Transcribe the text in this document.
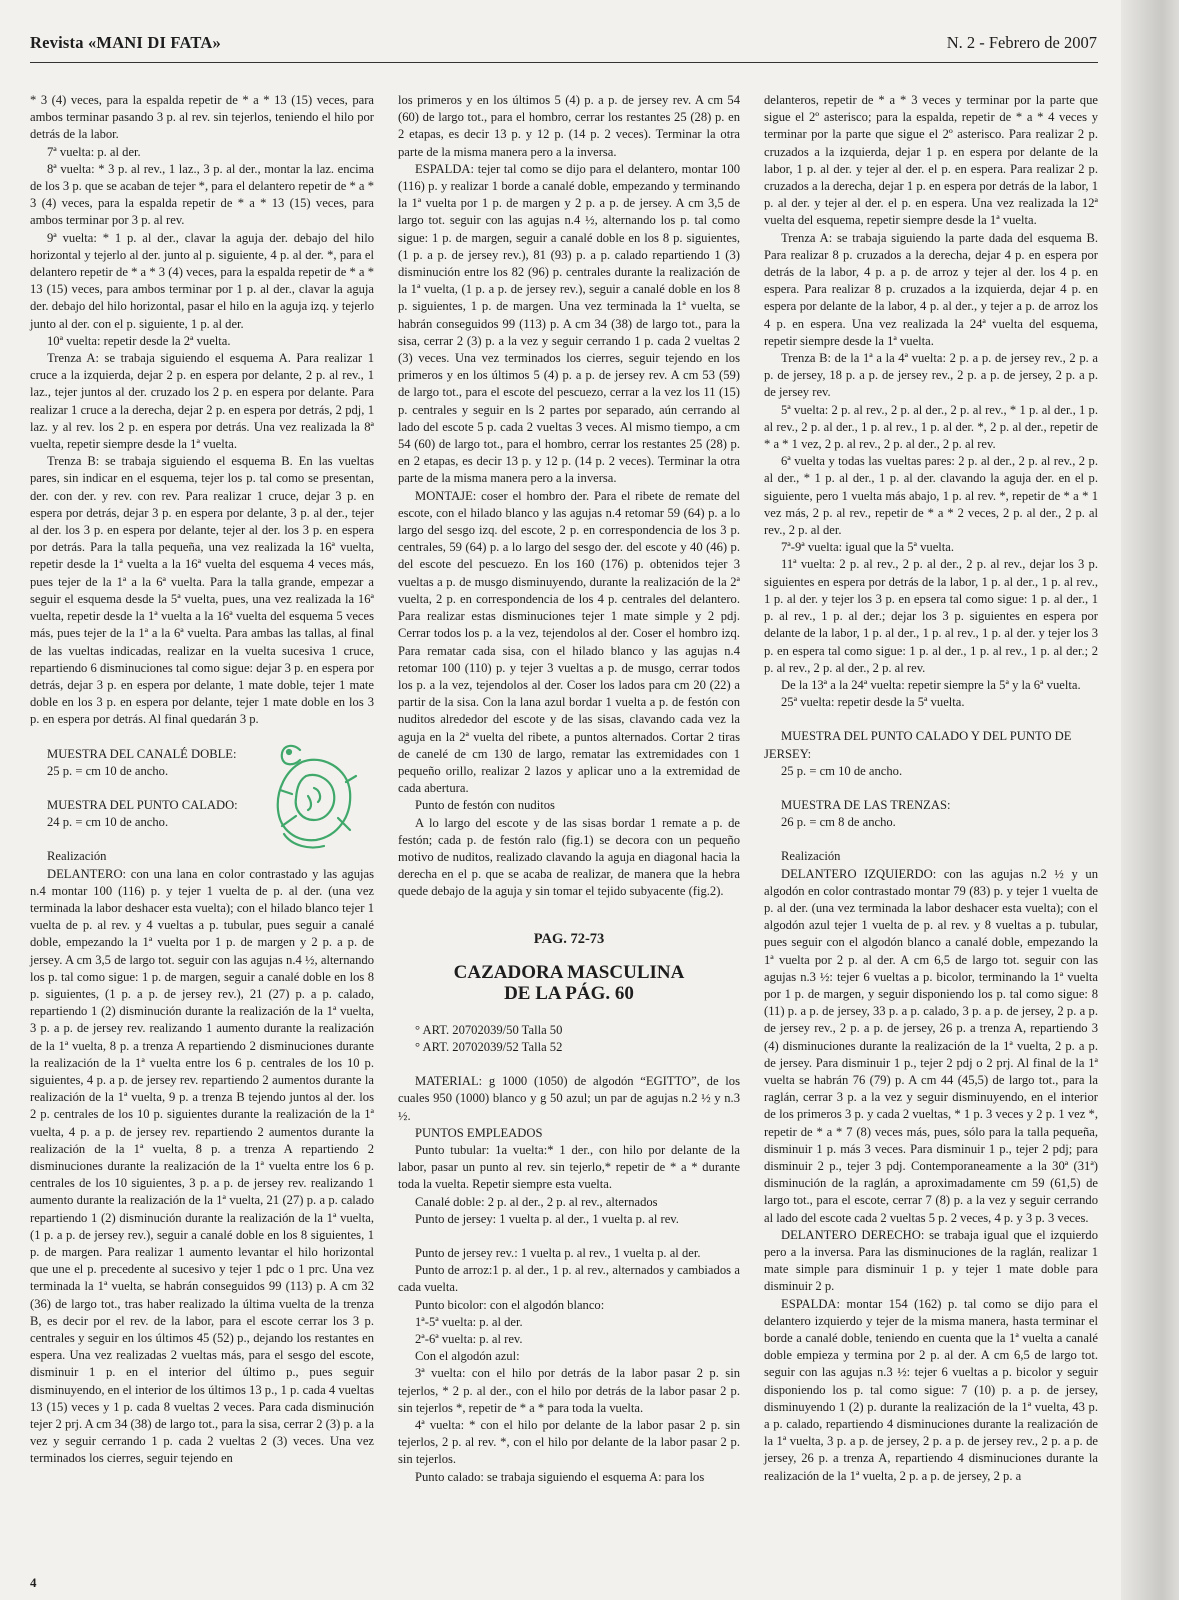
Revista «MANI DI FATA»	N. 2 - Febrero de 2007

* 3 (4) veces, para la espalda repetir de * a * 13 (15) veces, para ambos terminar pasando 3 p. al rev. sin tejerlos, teniendo el hilo por detrás de la labor.

7ª vuelta: p. al der.

8ª vuelta: * 3 p. al rev., 1 laz., 3 p. al der., montar la laz. encima de los 3 p. que se acaban de tejer *, para el delantero repetir de * a * 3 (4) veces, para la espalda repetir de * a * 13 (15) veces, para ambos terminar por 3 p. al rev.

9ª vuelta: * 1 p. al der., clavar la aguja der. debajo del hilo horizontal y tejerlo al der. junto al p. siguiente, 4 p. al der. *, para el delantero repetir de * a * 3 (4) veces, para la espalda repetir de * a * 13 (15) veces, para ambos terminar por 1 p. al der., clavar la aguja der. debajo del hilo horizontal, pasar el hilo en la aguja izq. y tejerlo junto al der. con el p. siguiente, 1 p. al der.

10ª vuelta: repetir desde la 2ª vuelta.

Trenza A: se trabaja siguiendo el esquema A. Para realizar 1 cruce a la izquierda, dejar 2 p. en espera por delante, 2 p. al rev., 1 laz., tejer juntos al der. cruzado los 2 p. en espera por delante. Para realizar 1 cruce a la derecha, dejar 2 p. en espera por detrás, 2 pdj, 1 laz. y al rev. los 2 p. en espera por detrás. Una vez realizada la 8ª vuelta, repetir siempre desde la 1ª vuelta.

Trenza B: se trabaja siguiendo el esquema B. En las vueltas pares, sin indicar en el esquema, tejer los p. tal como se presentan, der. con der. y rev. con rev. Para realizar 1 cruce, dejar 3 p. en espera por detrás, dejar 3 p. en espera por delante, 3 p. al der., tejer al der. los 3 p. en espera por delante, tejer al der. los 3 p. en espera por detrás. Para la talla pequeña, una vez realizada la 16ª vuelta, repetir desde la 1ª vuelta a la 16ª vuelta del esquema 4 veces más, pues tejer de la 1ª a la 6ª vuelta. Para la talla grande, empezar a seguir el esquema desde la 5ª vuelta, pues, una vez realizada la 16ª vuelta, repetir desde la 1ª vuelta a la 16ª vuelta del esquema 5 veces más, pues tejer de la 1ª a la 6ª vuelta. Para ambas las tallas, al final de las vueltas indicadas, realizar en la vuelta sucesiva 1 cruce, repartiendo 6 disminuciones tal como sigue: dejar 3 p. en espera por detrás, dejar 3 p. en espera por delante, 1 mate doble, tejer 1 mate doble en los 3 p. en espera por delante, tejer 1 mate doble en los 3 p. en espera por detrás. Al final quedarán 3 p.

MUESTRA DEL CANALÉ DOBLE:

25 p. = cm 10 de ancho.

MUESTRA DEL PUNTO CALADO:

24 p. = cm 10 de ancho.

Realización

DELANTERO: con una lana en color contrastado y las agujas n.4 montar 100 (116) p. y tejer 1 vuelta de p. al der. (una vez terminada la labor deshacer esta vuelta); con el hilado blanco tejer 1 vuelta de p. al rev. y 4 vueltas a p. tubular, pues seguir a canalé doble, empezando la 1ª vuelta por 1 p. de margen y 2 p. a p. de jersey. A cm 3,5 de largo tot. seguir con las agujas n.4 ½, alternando los p. tal como sigue: 1 p. de margen, seguir a canalé doble en los 8 p. siguientes, (1 p. a p. de jersey rev.), 21 (27) p. a p. calado, repartiendo 1 (2) disminución durante la realización de la 1ª vuelta, 3 p. a p. de jersey rev. realizando 1 aumento durante la realización de la 1ª vuelta, 8 p. a trenza A repartiendo 2 disminuciones durante la realización de la 1ª vuelta entre los 6 p. centrales de los 10 p. siguientes, 4 p. a p. de jersey rev. repartiendo 2 aumentos durante la realización de la 1ª vuelta, 9 p. a trenza B tejendo juntos al der. los 2 p. centrales de los 10 p. siguientes durante la realización de la 1ª vuelta, 4 p. a p. de jersey rev. repartiendo 2 aumentos durante la realización de la 1ª vuelta, 8 p. a trenza A repartiendo 2 disminuciones durante la realización de la 1ª vuelta entre los 6 p. centrales de los 10 siguientes, 3 p. a p. de jersey rev. realizando 1 aumento durante la realización de la 1ª vuelta, 21 (27) p. a p. calado repartiendo 1 (2) disminución durante la realización de la 1ª vuelta, (1 p. a p. de jersey rev.), seguir a canalé doble en los 8 siguientes, 1 p. de margen. Para realizar 1 aumento levantar el hilo horizontal que une el p. precedente al sucesivo y tejer 1 pdc o 1 prc. Una vez terminada la 1ª vuelta, se habrán conseguidos 99 (113) p. A cm 32 (36) de largo tot., tras haber realizado la última vuelta de la trenza B, es decir por el rev. de la labor, para el escote cerrar los 3 p. centrales y seguir en los últimos 45 (52) p., dejando los restantes en espera. Una vez realizadas 2 vueltas más, para el sesgo del escote, disminuir 1 p. en el interior del último p., pues seguir disminuyendo, en el interior de los últimos 13 p., 1 p. cada 4 vueltas 13 (15) veces y 1 p. cada 8 vueltas 2 veces. Para cada disminución tejer 2 prj. A cm 34 (38) de largo tot., para la sisa, cerrar 2 (3) p. a la vez y seguir cerrando 1 p. cada 2 vueltas 2 (3) veces. Una vez terminados los cierres, seguir tejendo en

los primeros y en los últimos 5 (4) p. a p. de jersey rev. A cm 54 (60) de largo tot., para el hombro, cerrar los restantes 25 (28) p. en 2 etapas, es decir 13 p. y 12 p. (14 p. 2 veces). Terminar la otra parte de la misma manera pero a la inversa.

ESPALDA: tejer tal como se dijo para el delantero, montar 100 (116) p. y realizar 1 borde a canalé doble, empezando y terminando la 1ª vuelta por 1 p. de margen y 2 p. a p. de jersey. A cm 3,5 de largo tot. seguir con las agujas n.4 ½, alternando los p. tal como sigue: 1 p. de margen, seguir a canalé doble en los 8 p. siguientes, (1 p. a p. de jersey rev.), 81 (93) p. a p. calado repartiendo 1 (3) disminución entre los 82 (96) p. centrales durante la realización de la 1ª vuelta, (1 p. a p. de jersey rev.), seguir a canalé doble en los 8 p. siguientes, 1 p. de margen. Una vez terminada la 1ª vuelta, se habrán conseguidos 99 (113) p. A cm 34 (38) de largo tot., para la sisa, cerrar 2 (3) p. a la vez y seguir cerrando 1 p. cada 2 vueltas 2 (3) veces. Una vez terminados los cierres, seguir tejendo en los primeros y en los últimos 5 (4) p. a p. de jersey rev. A cm 53 (59) de largo tot., para el escote del pescuezo, cerrar a la vez los 11 (15) p. centrales y seguir en ls 2 partes por separado, aún cerrando al lado del escote 5 p. cada 2 vueltas 3 veces. Al mismo tiempo, a cm 54 (60) de largo tot., para el hombro, cerrar los restantes 25 (28) p. en 2 etapas, es decir 13 p. y 12 p. (14 p. 2 veces). Terminar la otra parte de la misma manera pero a la inversa.

MONTAJE: coser el hombro der. Para el ribete de remate del escote, con el hilado blanco y las agujas n.4 retomar 59 (64) p. a lo largo del sesgo izq. del escote, 2 p. en correspondencia de los 3 p. centrales, 59 (64) p. a lo largo del sesgo der. del escote y 40 (46) p. del escote del pescuezo. En los 160 (176) p. obtenidos tejer 3 vueltas a p. de musgo disminuyendo, durante la realización de la 2ª vuelta, 2 p. en correspondencia de los 4 p. centrales del delantero. Para realizar estas disminuciones tejer 1 mate simple y 2 pdj. Cerrar todos los p. a la vez, tejendolos al der. Coser el hombro izq. Para rematar cada sisa, con el hilado blanco y las agujas n.4 retomar 100 (110) p. y tejer 3 vueltas a p. de musgo, cerrar todos los p. a la vez, tejendolos al der. Coser los lados para cm 20 (22) a partir de la sisa. Con la lana azul bordar 1 vuelta a p. de festón con nuditos alrededor del escote y de las sisas, clavando cada vez la aguja en la 2ª vuelta del ribete, a puntos alternados. Cortar 2 tiras de canelé de cm 130 de largo, rematar las extremidades con 1 pequeño orillo, realizar 2 lazos y aplicar uno a la extremidad de cada abertura.

Punto de festón con nuditos

A lo largo del escote y de las sisas bordar 1 remate a p. de festón; cada p. de festón ralo (fig.1) se decora con un pequeño motivo de nuditos, realizado clavando la aguja en diagonal hacia la derecha en el p. que se acaba de realizar, de manera que la hebra quede debajo de la aguja y sin tomar el tejido subyacente (fig.2).

PAG. 72-73
CAZADORA MASCULINA
DE LA PÁG. 60

° ART. 20702039/50 Talla 50

° ART. 20702039/52 Talla 52

MATERIAL: g 1000 (1050) de algodón “EGITTO”, de los cuales 950 (1000) blanco y g 50 azul; un par de agujas n.2 ½ y n.3 ½.

PUNTOS EMPLEADOS

Punto tubular: 1a vuelta:* 1 der., con hilo por delante de la labor, pasar un punto al rev. sin tejerlo,* repetir de * a * durante toda la vuelta. Repetir siempre esta vuelta.

Canalé doble: 2 p. al der., 2 p. al rev., alternados

Punto de jersey: 1 vuelta p. al der., 1 vuelta p. al rev.

Punto de jersey rev.: 1 vuelta p. al rev., 1 vuelta p. al der.

Punto de arroz:1 p. al der., 1 p. al rev., alternados y cambiados a cada vuelta.

Punto bicolor: con el algodón blanco:

1ª-5ª vuelta: p. al der.

2ª-6ª vuelta: p. al rev.

Con el algodón azul:

3ª vuelta: con el hilo por detrás de la labor pasar 2 p. sin tejerlos, * 2 p. al der., con el hilo por detrás de la labor pasar 2 p. sin tejerlos *, repetir de * a * para toda la vuelta.

4ª vuelta: * con el hilo por delante de la labor pasar 2 p. sin tejerlos, 2 p. al rev. *, con el hilo por delante de la labor pasar 2 p. sin tejerlos.

Punto calado: se trabaja siguiendo el esquema A: para los

delanteros, repetir de * a * 3 veces y terminar por la parte que sigue el 2º asterisco; para la espalda, repetir de * a * 4 veces y terminar por la parte que sigue el 2º asterisco. Para realizar 2 p. cruzados a la izquierda, dejar 1 p. en espera por delante de la labor, 1 p. al der. y tejer al der. el p. en espera. Para realizar 2 p. cruzados a la derecha, dejar 1 p. en espera por detrás de la labor, 1 p. al der. y tejer al der. el p. en espera. Una vez realizada la 12ª vuelta del esquema, repetir siempre desde la 1ª vuelta.

Trenza A: se trabaja siguiendo la parte dada del esquema B. Para realizar 8 p. cruzados a la derecha, dejar 4 p. en espera por detrás de la labor, 4 p. a p. de arroz y tejer al der. los 4 p. en espera. Para realizar 8 p. cruzados a la izquierda, dejar 4 p. en espera por delante de la labor, 4 p. al der., y tejer a p. de arroz los 4 p. en espera. Una vez realizada la 24ª vuelta del esquema, repetir siempre desde la 1ª vuelta.

Trenza B: de la 1ª a la 4ª vuelta: 2 p. a p. de jersey rev., 2 p. a p. de jersey, 18 p. a p. de jersey rev., 2 p. a p. de jersey, 2 p. a p. de jersey rev.

5ª vuelta: 2 p. al rev., 2 p. al der., 2 p. al rev., * 1 p. al der., 1 p. al rev., 2 p. al der., 1 p. al rev., 1 p. al der. *, 2 p. al der., repetir de * a * 1 vez, 2 p. al rev., 2 p. al der., 2 p. al rev.

6ª vuelta y todas las vueltas pares: 2 p. al der., 2 p. al rev., 2 p. al der., * 1 p. al der., 1 p. al der. clavando la aguja der. en el p. siguiente, pero 1 vuelta más abajo, 1 p. al rev. *, repetir de * a * 1 vez más, 2 p. al rev., repetir de * a * 2 veces, 2 p. al der., 2 p. al rev., 2 p. al der.

7ª-9ª vuelta: igual que la 5ª vuelta.

11ª vuelta: 2 p. al rev., 2 p. al der., 2 p. al rev., dejar los 3 p. siguientes en espera por detrás de la labor, 1 p. al der., 1 p. al rev., 1 p. al der. y tejer los 3 p. en epsera tal como sigue: 1 p. al der., 1 p. al rev., 1 p. al der.; dejar los 3 p. siguientes en espera por delante de la labor, 1 p. al der., 1 p. al rev., 1 p. al der. y tejer los 3 p. en espera tal como sigue: 1 p. al der., 1 p. al rev., 1 p. al der.; 2 p. al rev., 2 p. al der., 2 p. al rev.

De la 13ª a la 24ª vuelta: repetir siempre la 5ª y la 6ª vuelta.

25ª vuelta: repetir desde la 5ª vuelta.

MUESTRA DEL PUNTO CALADO Y DEL PUNTO DE JERSEY:

25 p. = cm 10 de ancho.

MUESTRA DE LAS TRENZAS:

26 p. = cm 8 de ancho.

Realización

DELANTERO IZQUIERDO: con las agujas n.2 ½ y un algodón en color contrastado montar 79 (83) p. y tejer 1 vuelta de p. al der. (una vez terminada la labor deshacer esta vuelta); con el algodón azul tejer 1 vuelta de p. al rev. y 8 vueltas a p. tubular, pues seguir con el algodón blanco a canalé doble, empezando la 1ª vuelta por 2 p. al der. A cm 6,5 de largo tot. seguir con las agujas n.3 ½: tejer 6 vueltas a p. bicolor, terminando la 1ª vuelta por 1 p. de margen, y seguir disponiendo los p. tal como sigue: 8 (11) p. a p. de jersey, 33 p. a p. calado, 3 p. a p. de jersey, 2 p. a p. de jersey rev., 2 p. a p. de jersey, 26 p. a trenza A, repartiendo 3 (4) disminuciones durante la realización de la 1ª vuelta, 2 p. a p. de jersey. Para disminuir 1 p., tejer 2 pdj o 2 prj. Al final de la 1ª vuelta se habrán 76 (79) p. A cm 44 (45,5) de largo tot., para la raglán, cerrar 3 p. a la vez y seguir disminuyendo, en el interior de los primeros 3 p. y cada 2 vueltas, * 1 p. 3 veces y 2 p. 1 vez *, repetir de * a * 7 (8) veces más, pues, sólo para la talla pequeña, disminuir 1 p. más 3 veces. Para disminuir 1 p., tejer 2 pdj; para disminuir 2 p., tejer 3 pdj. Contemporaneamente a la 30ª (31ª) disminución de la raglán, a aproximadamente cm 59 (61,5) de largo tot., para el escote, cerrar 7 (8) p. a la vez y seguir cerrando al lado del escote cada 2 vueltas 5 p. 2 veces, 4 p. y 3 p. 3 veces.

DELANTERO DERECHO: se trabaja igual que el izquierdo pero a la inversa. Para las disminuciones de la raglán, realizar 1 mate simple para disminuir 1 p. y tejer 1 mate doble para disminuir 2 p.

ESPALDA: montar 154 (162) p. tal como se dijo para el delantero izquierdo y tejer de la misma manera, hasta terminar el borde a canalé doble, teniendo en cuenta que la 1ª vuelta a canalé doble empieza y termina por 2 p. al der. A cm 6,5 de largo tot. seguir con las agujas n.3 ½: tejer 6 vueltas a p. bicolor y seguir disponiendo los p. tal como sigue: 7 (10) p. a p. de jersey, disminuyendo 1 (2) p. durante la realización de la 1ª vuelta, 43 p. a p. calado, repartiendo 4 disminuciones durante la realización de la 1ª vuelta, 3 p. a p. de jersey, 2 p. a p. de jersey rev., 2 p. a p. de jersey, 26 p. a trenza A, repartiendo 4 disminuciones durante la realización de la 1ª vuelta, 2 p. a p. de jersey, 2 p. a

4
